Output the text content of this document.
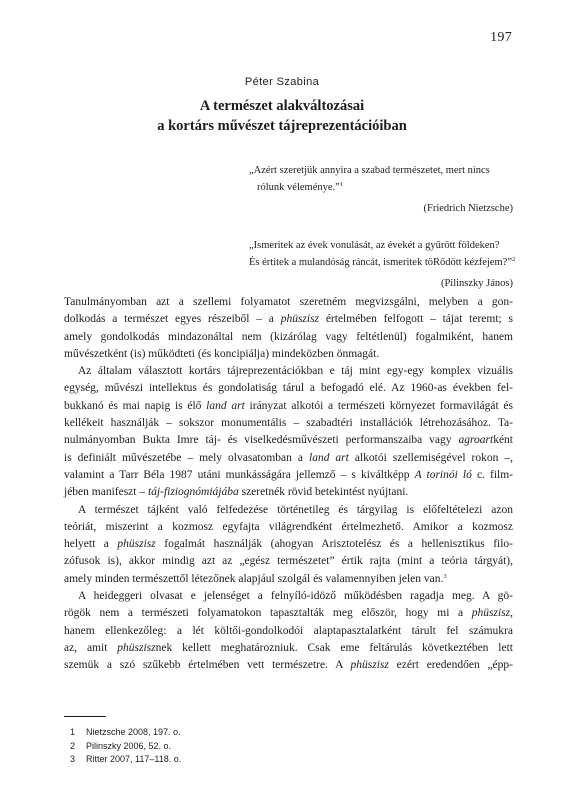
197
Péter Szabina
A természet alakváltozásai
a kortárs művészet tájreprezentációiban
„Azért szeretjük annyira a szabad természetet, mert nincs
rólunk véleménye.”$^1$
(Friedrich Nietzsche)
„Ismeritek az évek vonulását, az évekét a gyűrött földeken?
És értitek a mulandóság ráncát, ismeritek töRődött kézfejem?”$^2$
(Pilinszky János)
Tanulmányomban azt a szellemi folyamatot szeretném megvizsgálni, melyben a gon-
dolkodás a természet egyes részeiből – a phüszisz értelmében felfogott – tájat teremt; s
amely gondolkodás mindazonáltal nem (kizárólag vagy feltétlenül) fogalmiként, hanem
művészetként (is) működteti (és koncipiálja) mindeközben önmagát.
Az általam választott kortárs tájreprezentációkban e táj mint egy-egy komplex vizuális
egység, művészi intellektus és gondolatiság tárul a befogadó elé. Az 1960-as években fel-
bukkanó és mai napig is élő land art irányzat alkotói a természeti környezet formavilágát és
kellékeit használják – sokszor monumentális – szabadtéri installációk létrehozásához. Ta-
nulmányomban Bukta Imre táj- és viselkedésművészeti performanszaiba vagy agroartként
is definiált művészetébe – mely olvasatomban a land art alkotói szellemiségével rokon –,
valamint a Tarr Béla 1987 utáni munkásságára jellemző – s kiváltképp A torinói ló c. film-
jében manifeszt – táj-fiziognómiájába szeretnék rövid betekintést nyújtani.
A természet tájként való felfedezése történetileg és tárgyilag is előfeltételezi azon
teóriát, miszerint a kozmosz egyfajta világrendként értelmezhető. Amikor a kozmosz
helyett a phüszisz fogalmát használják (ahogyan Arisztotelész és a hellenisztikus filo-
zófusok is), akkor mindig azt az „egész természetet” értik rajta (mint a teória tárgyát),
amely minden természettől létezőnek alapjául szolgál és valamennyiben jelen van.$^3$
A heideggeri olvasat e jelenséget a felnyíló-idöző működésben ragadja meg. A gö-
rögök nem a természeti folyamatokon tapasztalták meg először, hogy mi a phüszisz,
hanem ellenkezőleg: a lét költői-gondolkodói alaptapasztalatként tárult fel számukra
az, amit phüszisznek kellett meghatározniuk. Csak eme feltárulás következtében lett
szemük a szó szűkebb értelmében vett természetre. A phüszisz ezért eredendően „épp-
1 Nietzsche 2008, 197. o.
2 Pilinszky 2006, 52. o.
3 Ritter 2007, 117–118. o.
